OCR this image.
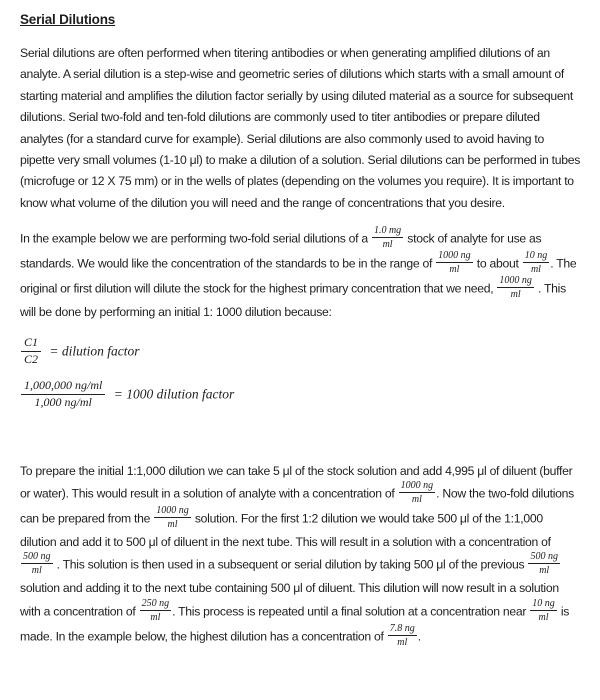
Serial Dilutions

Serial dilutions are often performed when titering antibodies or when generating amplified dilutions of an analyte. A serial dilution is a step-wise and geometric series of dilutions which starts with a small amount of starting material and amplifies the dilution factor serially by using diluted material as a source for subsequent dilutions. Serial two-fold and ten-fold dilutions are commonly used to titer antibodies or prepare diluted analytes (for a standard curve for example). Serial dilutions are also commonly used to avoid having to pipette very small volumes (1-10 μl) to make a dilution of a solution. Serial dilutions can be performed in tubes (microfuge or 12 X 75 mm) or in the wells of plates (depending on the volumes you require). It is important to know what volume of the dilution you will need and the range of concentrations that you desire.

In the example below we are performing two-fold serial dilutions of a $\frac{1.0 mg}{ml}$ stock of analyte for use as standards. We would like the concentration of the standards to be in the range of $\frac{1000 ng}{ml}$ to about $\frac{10 ng}{ml}$ . The original or first dilution will dilute the stock for the highest primary concentration that we need, $\frac{1000 ng}{ml}$ . This will be done by performing an initial 1: 1000 dilution because:

$\frac{C1}{C2}$ = dilution factor
$\frac{1,000,000 ng/ml}{1,000 ng/ml} = 1000$ dilution factor

To prepare the initial 1:1,000 dilution we can take 5 μl of the stock solution and add 4,995 μl of diluent (buffer or water). This would result in a solution of analyte with a concentration of $\frac{1000 ng}{ml}$ . Now the two-fold dilutions can be prepared from the $\frac{1000 ng}{ml}$ solution. For the first 1:2 dilution we would take 500 μl of the 1:1,000 dilution and add it to 500 μl of diluent in the next tube. This will result in a solution with a concentration of
$\frac{500 ng}{ml}$ . This solution is then used in a subsequent or serial dilution by taking 500 μl of the previous $\frac{500 ng}{ml}$
solution and adding it to the next tube containing 500 μl of diluent. This dilution will now result in a solution with a concentration of $\frac{250 ng}{ml}$ . This process is repeated until a final solution at a concentration near $\frac{10 ng}{ml}$ is made. In the example below, the highest dilution has a concentration of $\frac{7.8 ng}{ml}$ .
